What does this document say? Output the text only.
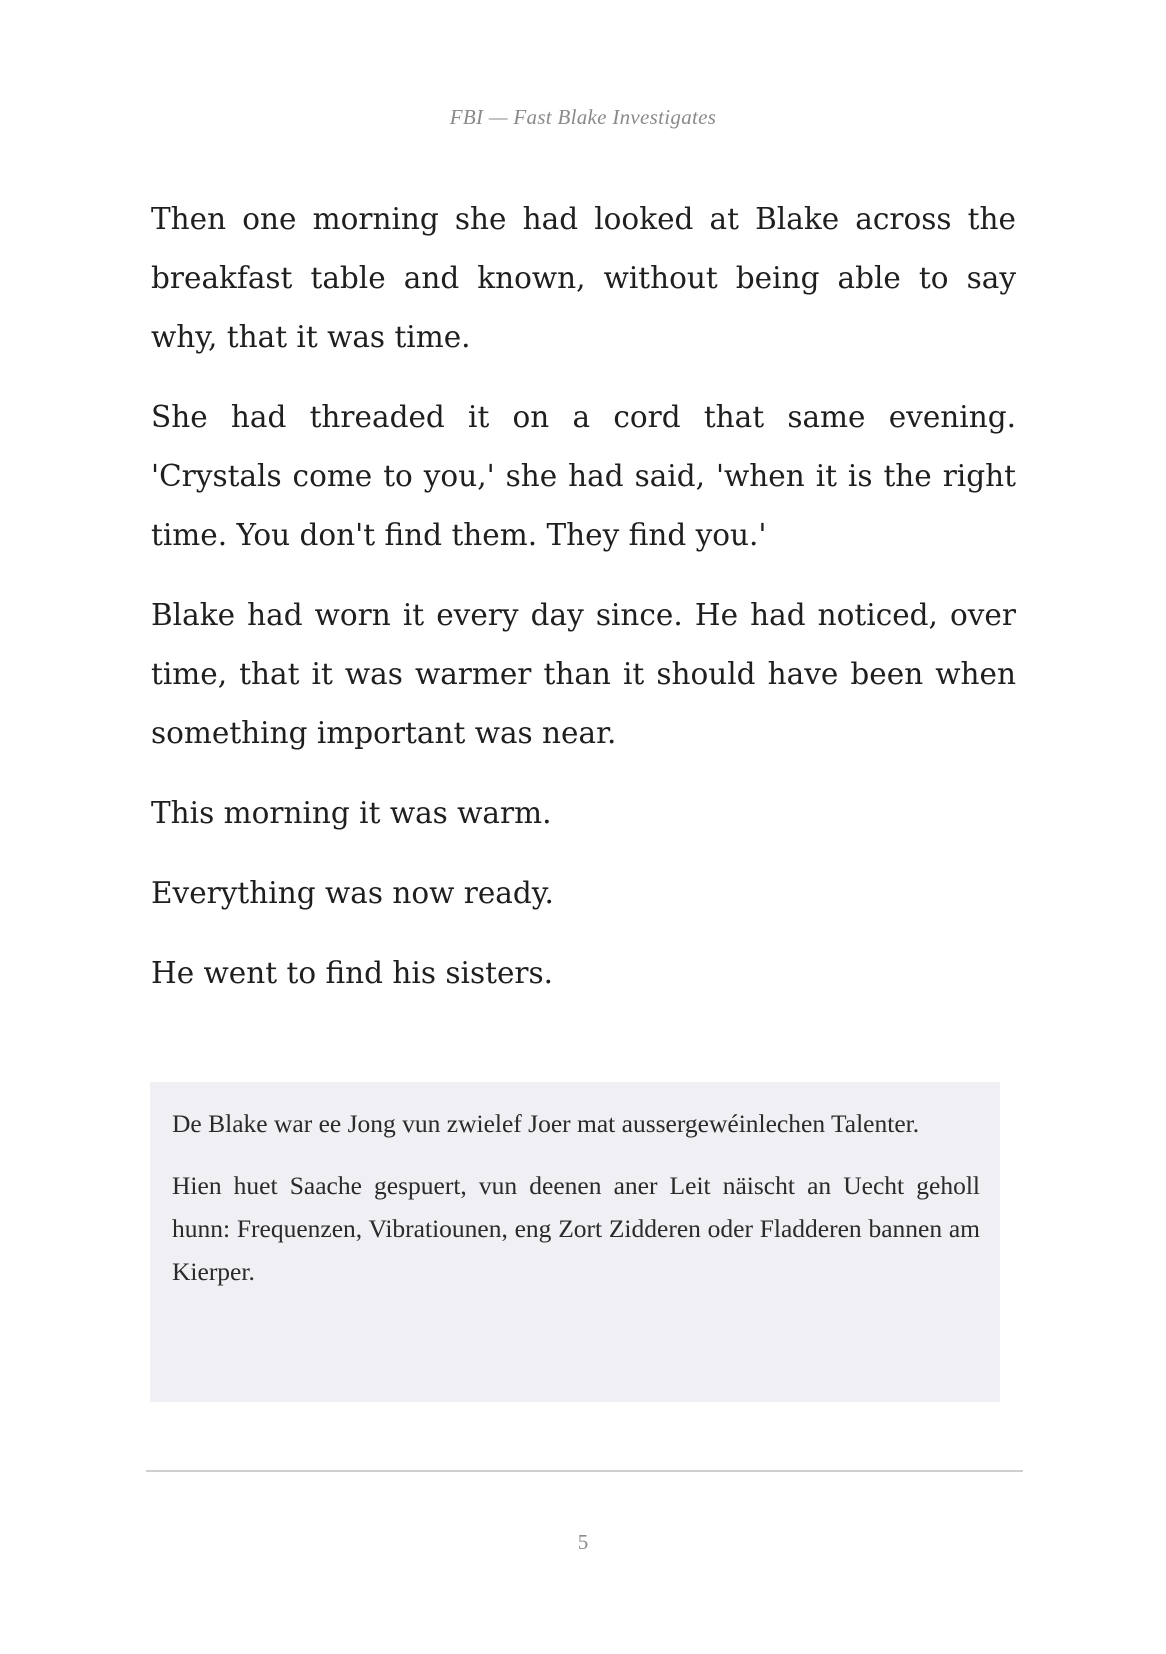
FBI — Fast Blake Investigates

Then one morning she had looked at Blake across the breakfast table and known, without being able to say why, that it was time.

She had threaded it on a cord that same evening. 'Crystals come to you,' she had said, 'when it is the right time. You don't find them. They find you.'

Blake had worn it every day since. He had noticed, over time, that it was warmer than it should have been when something important was near.

This morning it was warm.

Everything was now ready.

He went to find his sisters.

De Blake war ee Jong vun zwielef Joer mat aussergewéinlechen Talenter.

Hien huet Saache gespuert, vun deenen aner Leit näischt an Uecht geholl hunn: Frequenzen, Vibratiounen, eng Zort Zidderen oder Fladderen bannen am Kierper.

5
